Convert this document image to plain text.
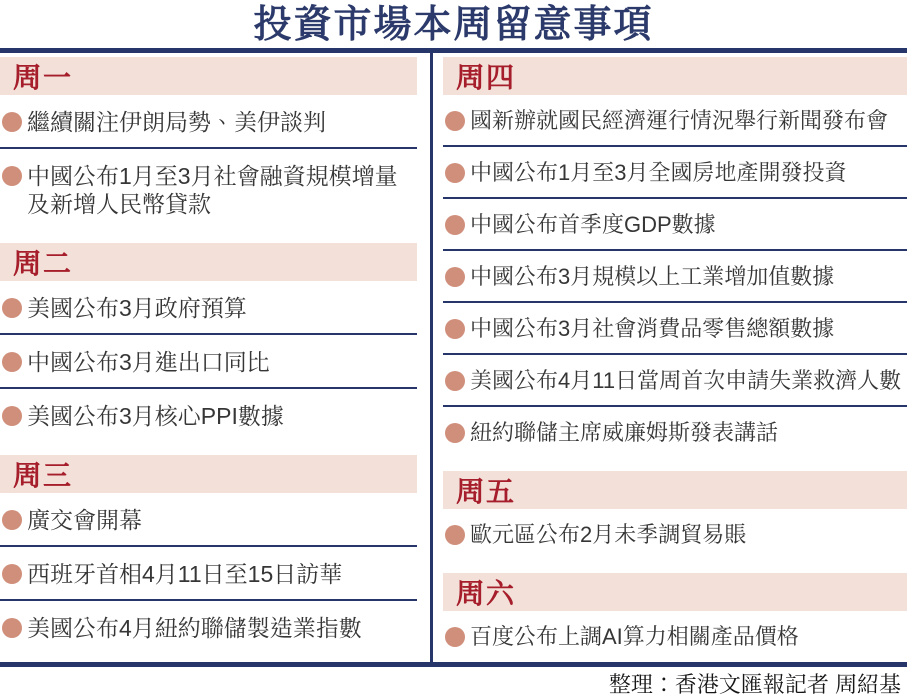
投資市場本周留意事項
周一
繼續關注伊朗局勢、美伊談判
中國公布1月至3月社會融資規模增量及新增人民幣貸款
周二
美國公布3月政府預算
中國公布3月進出口同比
美國公布3月核心PPI數據
周三
廣交會開幕
西班牙首相4月11日至15日訪華
美國公布4月紐約聯儲製造業指數
周四
國新辦就國民經濟運行情況舉行新聞發布會
中國公布1月至3月全國房地產開發投資
中國公布首季度GDP數據
中國公布3月規模以上工業增加值數據
中國公布3月社會消費品零售總額數據
美國公布4月11日當周首次申請失業救濟人數
紐約聯儲主席威廉姆斯發表講話
周五
歐元區公布2月未季調貿易賬
周六
百度公布上調AI算力相關產品價格
整理：香港文匯報記者 周紹基
